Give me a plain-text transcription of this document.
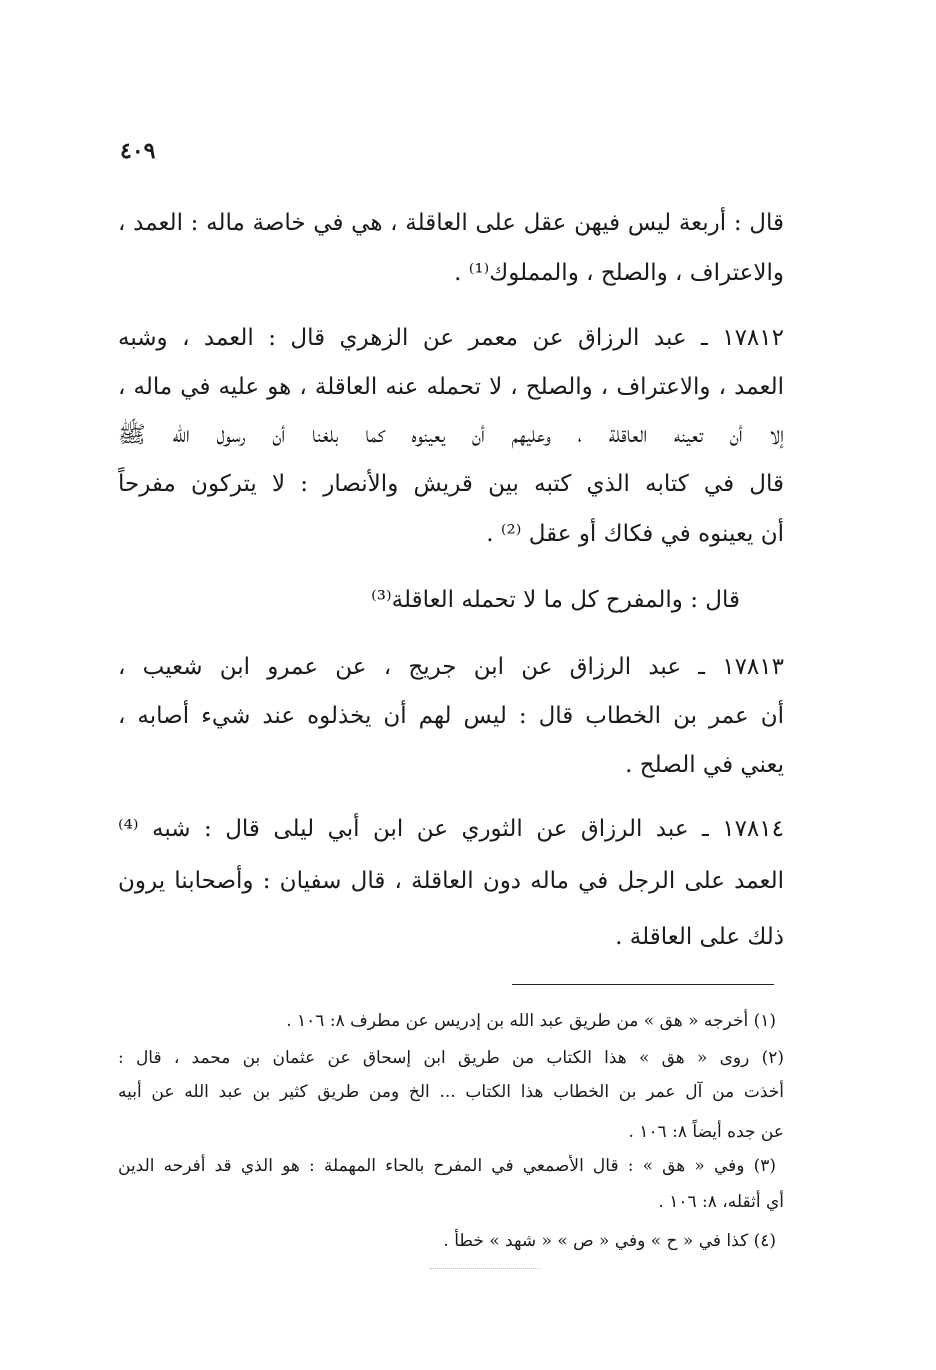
٤٠٩
قال : أربعة ليس فيهن عقل على العاقلة ، هي في خاصة ماله : العمد ،
والاعتراف ، والصلح ، والمملوك⁽¹⁾ .
١٧٨١٢ ـ عبد الرزاق عن معمر عن الزهري قال : العمد ، وشبه
العمد ، والاعتراف ، والصلح ، لا تحمله عنه العاقلة ، هو عليه في ماله ،
إلا أن تعينه العاقلة ، وعليهم أن يعينوه كما بلغنا أن رسول الله ﷺ
قال في كتابه الذي كتبه بين قريش والأنصار : لا يتركون مفرحاً
أن يعينوه في فكاك أو عقل ⁽²⁾ .
قال : والمفرح كل ما لا تحمله العاقلة⁽³⁾
١٧٨١٣ ـ عبد الرزاق عن ابن جريج ، عن عمرو ابن شعيب ،
أن عمر بن الخطاب قال : ليس لهم أن يخذلوه عند شيء أصابه ،
يعني في الصلح .
١٧٨١٤ ـ عبد الرزاق عن الثوري عن ابن أبي ليلى قال : شبه ⁽⁴⁾
العمد على الرجل في ماله دون العاقلة ، قال سفيان : وأصحابنا يرون
ذلك على العاقلة .
(١) أخرجه « هق » من طريق عبد الله بن إدريس عن مطرف ٨: ١٠٦ .
(٢) روى « هق » هذا الكتاب من طريق ابن إسحاق عن عثمان بن محمد ، قال :
أخذت من آل عمر بن الخطاب هذا الكتاب ... الخ ومن طريق كثير بن عبد الله عن أبيه
عن جده أيضاً ٨: ١٠٦ .
(٣) وفي « هق » : قال الأصمعي في المفرح بالحاء المهملة : هو الذي قد أفرحه الدين
أي أثقله، ٨: ١٠٦ .
(٤) كذا في « ح » وفي « ص » « شهد » خطأ .
